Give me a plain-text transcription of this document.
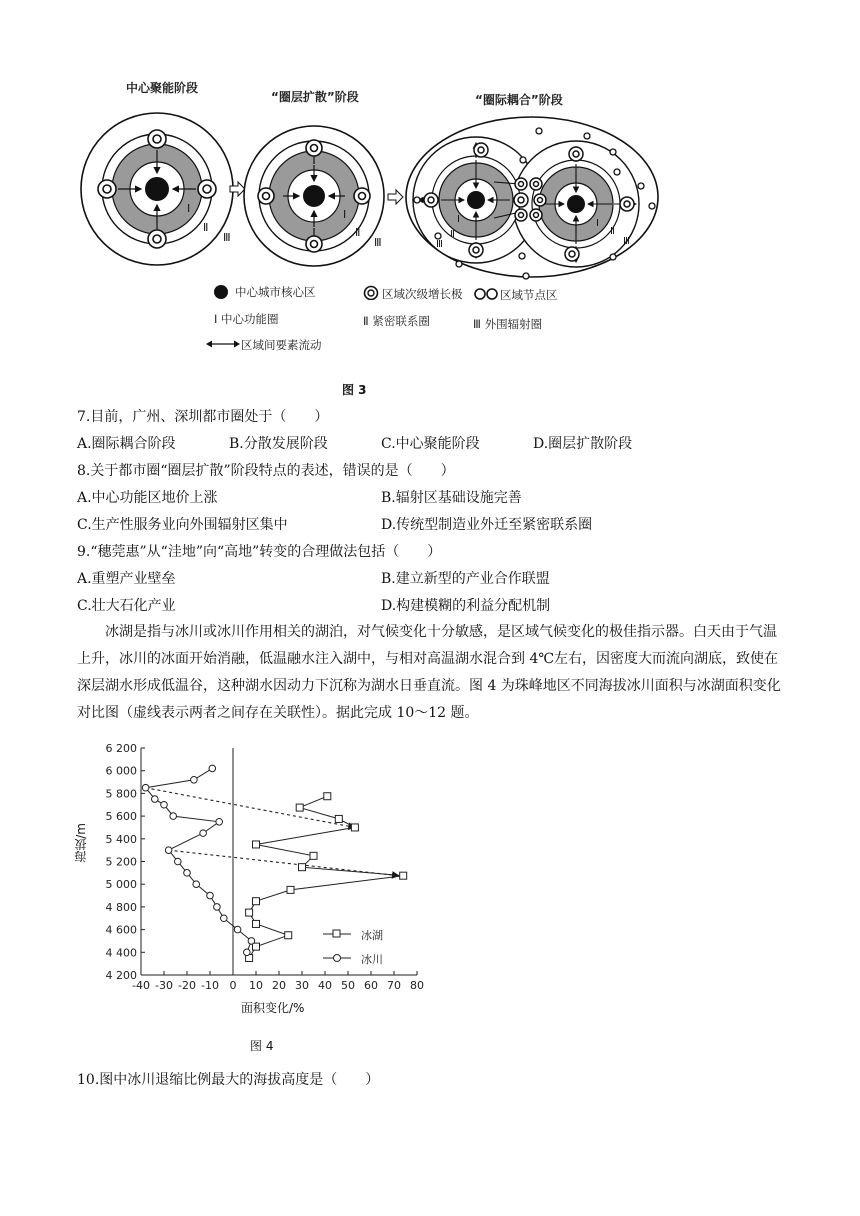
中心聚能阶段
“圈层扩散”阶段	“圈际耦合”阶段
Ⅰ
Ⅱ
Ⅲ
Ⅰ
Ⅱ
Ⅲ	Ⅲ
Ⅱ
Ⅰ	Ⅰ
Ⅱ
Ⅲ
中心城市核心区	区域次级增长极	区域节点区
Ⅰ 中心功能圈	Ⅱ 紧密联系圈	Ⅲ 外围辐射圈
区域间要素流动
图 3
7.目前，广州、深圳都市圈处于（　　）
A.圈际耦合阶段	B.分散发展阶段	C.中心聚能阶段	D.圈层扩散阶段
8.关于都市圈“圈层扩散”阶段特点的表述，错误的是（　　）
A.中心功能区地价上涨	B.辐射区基础设施完善
C.生产性服务业向外围辐射区集中	D.传统型制造业外迁至紧密联系圈
9.“穗莞惠”从“洼地”向“高地”转变的合理做法包括（　　）
A.重塑产业壁垒	B.建立新型的产业合作联盟
C.壮大石化产业	D.构建模糊的利益分配机制
冰湖是指与冰川或冰川作用相关的湖泊，对气候变化十分敏感，是区域气候变化的极佳指示器。白天由于气温上升，冰川的冰面开始消融，低温融水注入湖中，与相对高温湖水混合到 4℃左右，因密度大而流向湖底，致使在深层湖水形成低温谷，这种湖水因动力下沉称为湖水日垂直流。图 4 为珠峰地区不同海拔冰川面积与冰湖面积变化对比图（虚线表示两者之间存在关联性）。据此完成 10～12 题。
4 200
4 400
4 600
4 800
5 000
5 200
5 400
5 600
5 800
6 000
6 200
-40 -30 -20 -10 0 10 20 30 40 50 60 70 80
冰湖
冰川
海拔/m
面积变化/%
图 4
10.图中冰川退缩比例最大的海拔高度是（　　）
